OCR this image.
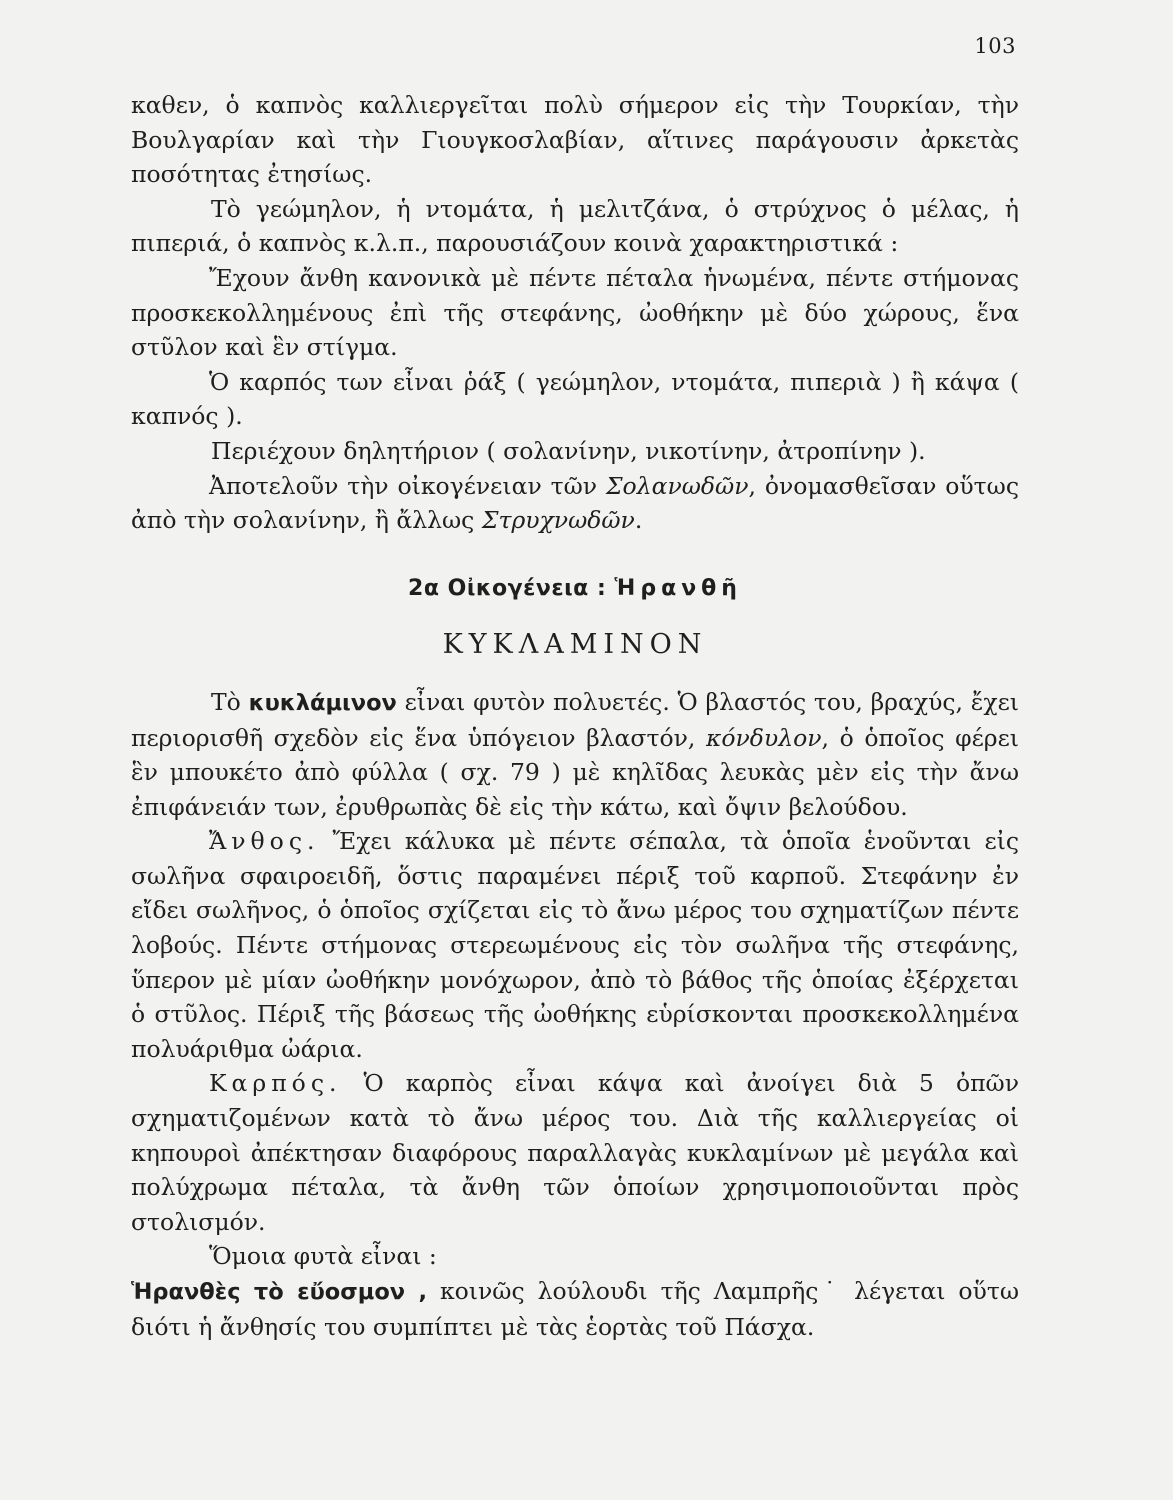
103

καθεν, ὁ καπνὸς καλλιεργεῖται πολὺ σήμερον εἰς τὴν Τουρκίαν, τὴν Βουλγαρίαν καὶ τὴν Γιουγκοσλαβίαν, αἵτινες παράγουσιν ἀρκετὰς ποσότητας ἐτησίως.

Τὸ γεώμηλον, ἡ ντομάτα, ἡ μελιτζάνα, ὁ στρύχνος ὁ μέλας, ἡ πιπεριά, ὁ καπνὸς κ.λ.π., παρουσιάζουν κοινὰ χαρακτηριστικά :

Ἔχουν ἄνθη κανονικὰ μὲ πέντε πέταλα ἡνωμένα, πέντε στήμονας προσκεκολλημένους ἐπὶ τῆς στεφάνης, ὠοθήκην μὲ δύο χώρους, ἕνα στῦλον καὶ ἓν στίγμα.

Ὁ καρπός των εἶναι ῥάξ ( γεώμηλον, ντομάτα, πιπεριὰ ) ἢ κάψα ( καπνός ).

Περιέχουν δηλητήριον ( σολανίνην, νικοτίνην, ἀτροπίνην ).

Ἀποτελοῦν τὴν οἰκογένειαν τῶν Σολανωδῶν, ὀνομασθεῖσαν οὕτως ἀπὸ τὴν σολανίνην, ἢ ἄλλως Στρυχνωδῶν.

2α Οἰκογένεια : Ἡρανθῆ
ΚΥΚΛΑΜΙΝΟΝ

Τὸ κυκλάμινον εἶναι φυτὸν πολυετές. Ὁ βλαστός του, βραχύς, ἔχει περιορισθῆ σχεδὸν εἰς ἕνα ὑπόγειον βλαστόν, κόνδυλον, ὁ ὁποῖος φέρει ἓν μπουκέτο ἀπὸ φύλλα ( σχ. 79 ) μὲ κηλῖδας λευκὰς μὲν εἰς τὴν ἄνω ἐπιφάνειάν των, ἐρυθρωπὰς δὲ εἰς τὴν κάτω, καὶ ὄψιν βελούδου.

Ἄνθος. Ἔχει κάλυκα μὲ πέντε σέπαλα, τὰ ὁποῖα ἑνοῦνται εἰς σωλῆνα σφαιροειδῆ, ὅστις παραμένει πέριξ τοῦ καρποῦ. Στεφάνην ἐν εἴδει σωλῆνος, ὁ ὁποῖος σχίζεται εἰς τὸ ἄνω μέρος του σχηματίζων πέντε λοβούς. Πέντε στήμονας στερεωμένους εἰς τὸν σωλῆνα τῆς στεφάνης, ὕπερον μὲ μίαν ὠοθήκην μονόχωρον, ἀπὸ τὸ βάθος τῆς ὁποίας ἐξέρχεται ὁ στῦλος. Πέριξ τῆς βάσεως τῆς ὠοθήκης εὑρίσκονται προσκεκολλημένα πολυάριθμα ὠάρια.

Καρπός. Ὁ καρπὸς εἶναι κάψα καὶ ἀνοίγει διὰ 5 ὀπῶν σχηματιζομένων κατὰ τὸ ἄνω μέρος του. Διὰ τῆς καλλιεργείας οἱ κηπουροὶ ἀπέκτησαν διαφόρους παραλλαγὰς κυκλαμίνων μὲ μεγάλα καὶ πολύχρωμα πέταλα, τὰ ἄνθη τῶν ὁποίων χρησιμοποιοῦνται πρὸς στολισμόν.

Ὅμοια φυτὰ εἶναι :

Ἡρανθὲς τὸ εὔοσμον , κοινῶς λούλουδι τῆς Λαμπρῆς˙ λέγεται οὕτω διότι ἡ ἄνθησίς του συμπίπτει μὲ τὰς ἑορτὰς τοῦ Πάσχα.
